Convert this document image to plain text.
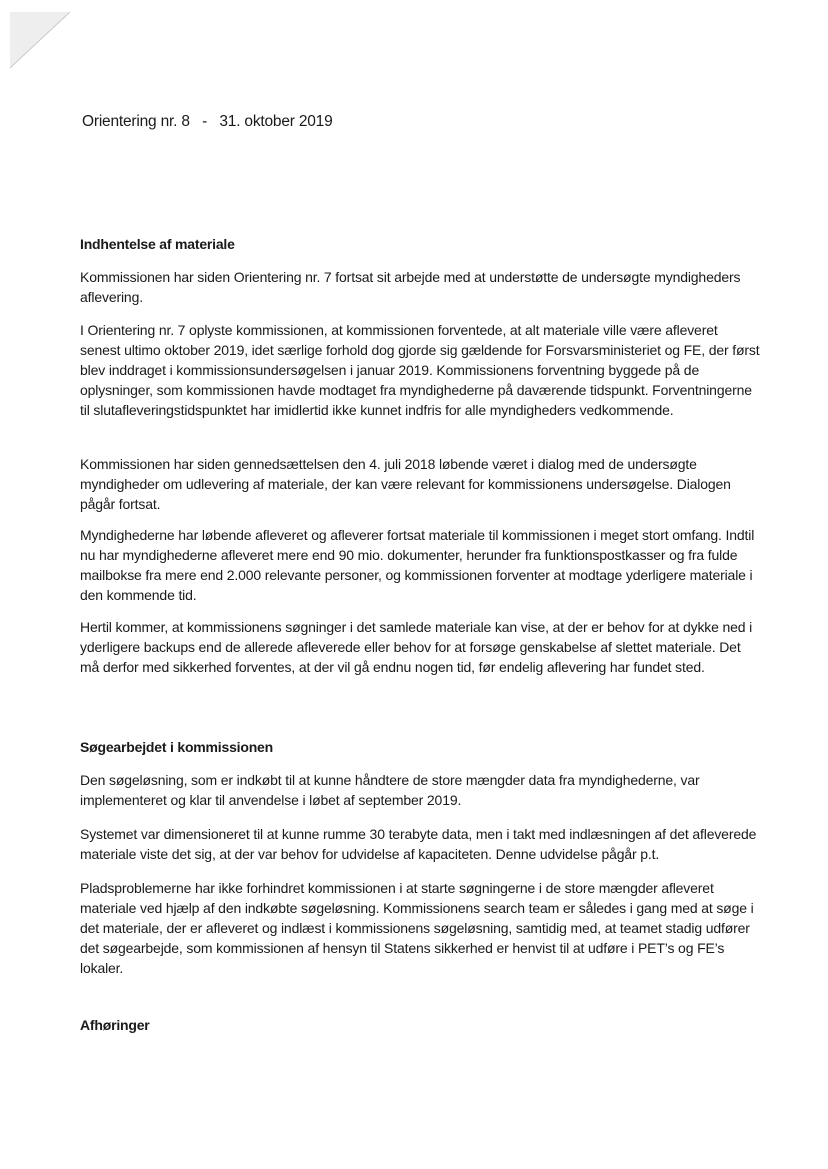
Orientering nr. 8 - 31. oktober 2019
Indhentelse af materiale

Kommissionen har siden Orientering nr. 7 fortsat sit arbejde med at understøtte de undersøgte myndigheders aflevering.

I Orientering nr. 7 oplyste kommissionen, at kommissionen forventede, at alt materiale ville være afleveret senest ultimo oktober 2019, idet særlige forhold dog gjorde sig gældende for Forsvarsministeriet og FE, der først blev inddraget i kommissionsundersøgelsen i januar 2019. Kommissionens forventning byggede på de oplysninger, som kommissionen havde modtaget fra myndighederne på daværende tidspunkt. Forventningerne til slutafleveringstidspunktet har imidlertid ikke kunnet indfris for alle myndigheders vedkommende.

Kommissionen har siden gennedsættelsen den 4. juli 2018 løbende været i dialog med de undersøgte myndigheder om udlevering af materiale, der kan være relevant for kommissionens undersøgelse. Dialogen pågår fortsat.

Myndighederne har løbende afleveret og afleverer fortsat materiale til kommissionen i meget stort omfang. Indtil nu har myndighederne afleveret mere end 90 mio. dokumenter, herunder fra funktionspostkasser og fra fulde mailbokse fra mere end 2.000 relevante personer, og kommissionen forventer at modtage yderligere materiale i den kommende tid.

Hertil kommer, at kommissionens søgninger i det samlede materiale kan vise, at der er behov for at dykke ned i yderligere backups end de allerede afleverede eller behov for at forsøge genskabelse af slettet materiale. Det må derfor med sikkerhed forventes, at der vil gå endnu nogen tid, før endelig aflevering har fundet sted.

Søgearbejdet i kommissionen

Den søgeløsning, som er indkøbt til at kunne håndtere de store mængder data fra myndighederne, var implementeret og klar til anvendelse i løbet af september 2019.

Systemet var dimensioneret til at kunne rumme 30 terabyte data, men i takt med indlæsningen af det afleverede materiale viste det sig, at der var behov for udvidelse af kapaciteten. Denne udvidelse pågår p.t.

Pladsproblemerne har ikke forhindret kommissionen i at starte søgningerne i de store mængder afleveret materiale ved hjælp af den indkøbte søgeløsning. Kommissionens search team er således i gang med at søge i det materiale, der er afleveret og indlæst i kommissionens søgeløsning, samtidig med, at teamet stadig udfører det søgearbejde, som kommissionen af hensyn til Statens sikkerhed er henvist til at udføre i PET’s og FE’s lokaler.

Afhøringer
